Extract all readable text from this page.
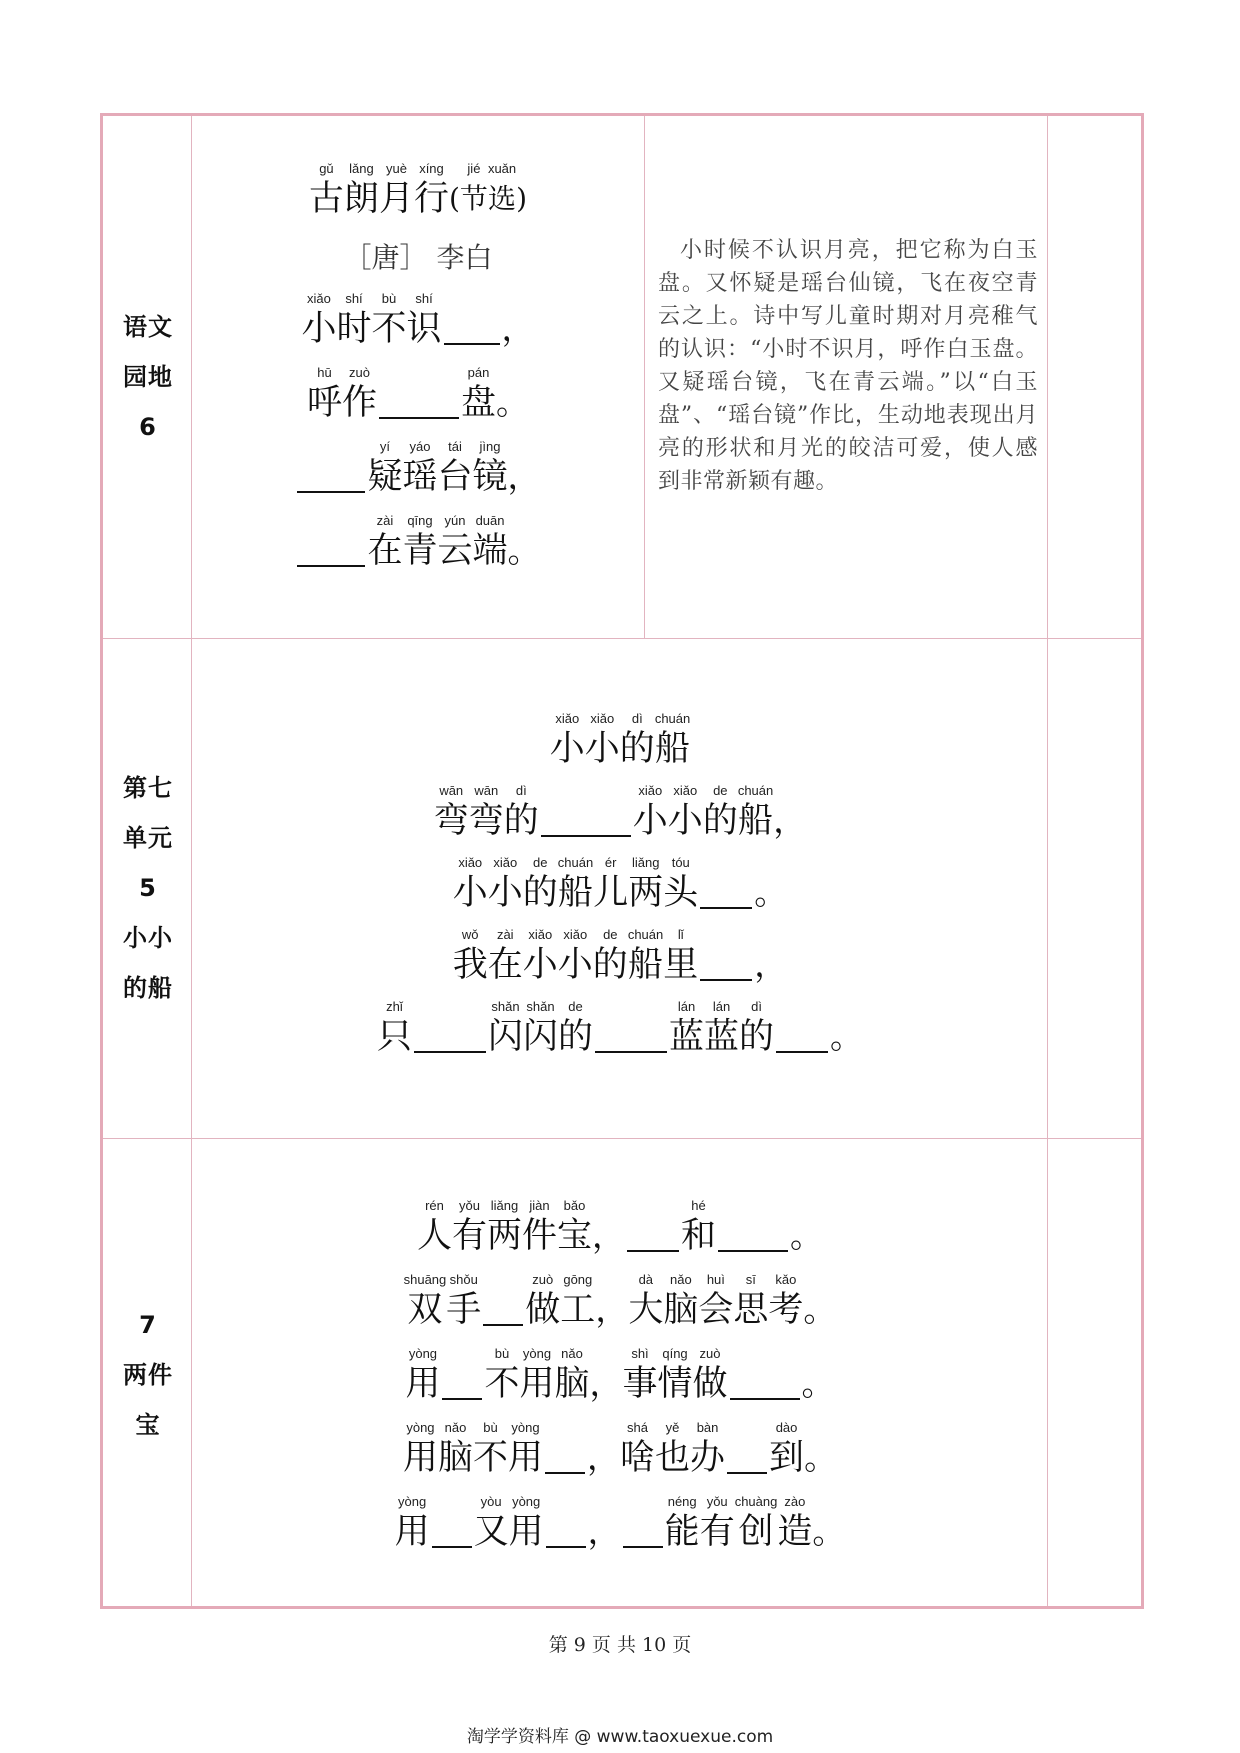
语文
园地
6
gǔ
古
lǎng
朗
yuè
月
xíng
行 (
jié
节
xuǎn
选 )
［唐］ 李白
xiǎo
小
shí
时
bù
不
shí
识 ，
hū
呼
zuò
作
pán
盘 。
yí
疑
yáo
瑶
tái
台
jìng
镜 ，
zài
在
qīng
青
yún
云
duān
端 。
小时候不认识月亮，把它称为白玉盘。又怀疑是瑶台仙镜，飞在夜空青云之上。诗中写儿童时期对月亮稚气的认识：“小时不识月，呼作白玉盘。又疑瑶台镜，飞在青云端。”以“白玉盘”、“瑶台镜”作比，生动地表现出月亮的形状和月光的皎洁可爱，使人感到非常新颖有趣。
第七
单元
5
小小
的船
xiǎo
小
xiǎo
小
dì
的
chuán
船
wān
弯
wān
弯
dì
的
xiǎo
小
xiǎo
小
de
的
chuán
船 ，
xiǎo
小
xiǎo
小
de
的
chuán
船
ér
儿
liǎng
两
tóu
头 。
wǒ
我
zài
在
xiǎo
小
xiǎo
小
de
的
chuán
船
lǐ
里 ，
zhǐ
只
shǎn
闪
shǎn
闪
de
的
lán
蓝
lán
蓝
dì
的 。
7
两件
宝
rén
人
yǒu
有
liǎng
两
jiàn
件
bǎo
宝 ，
hé
和 。
shuāng
双
shǒu
手
zuò
做
gōng
工 ，
dà
大
nǎo
脑
huì
会
sī
思
kǎo
考 。
yòng
用
bù
不
yòng
用
nǎo
脑 ，
shì
事
qíng
情
zuò
做 。
yòng
用
nǎo
脑
bù
不
yòng
用 ，
shá
啥
yě
也
bàn
办
dào
到 。
yòng
用
yòu
又
yòng
用 ，
néng
能
yǒu
有
chuàng
创
zào
造 。
第 9 页 共 10 页
淘学学资料库 @ www.taoxuexue.com
